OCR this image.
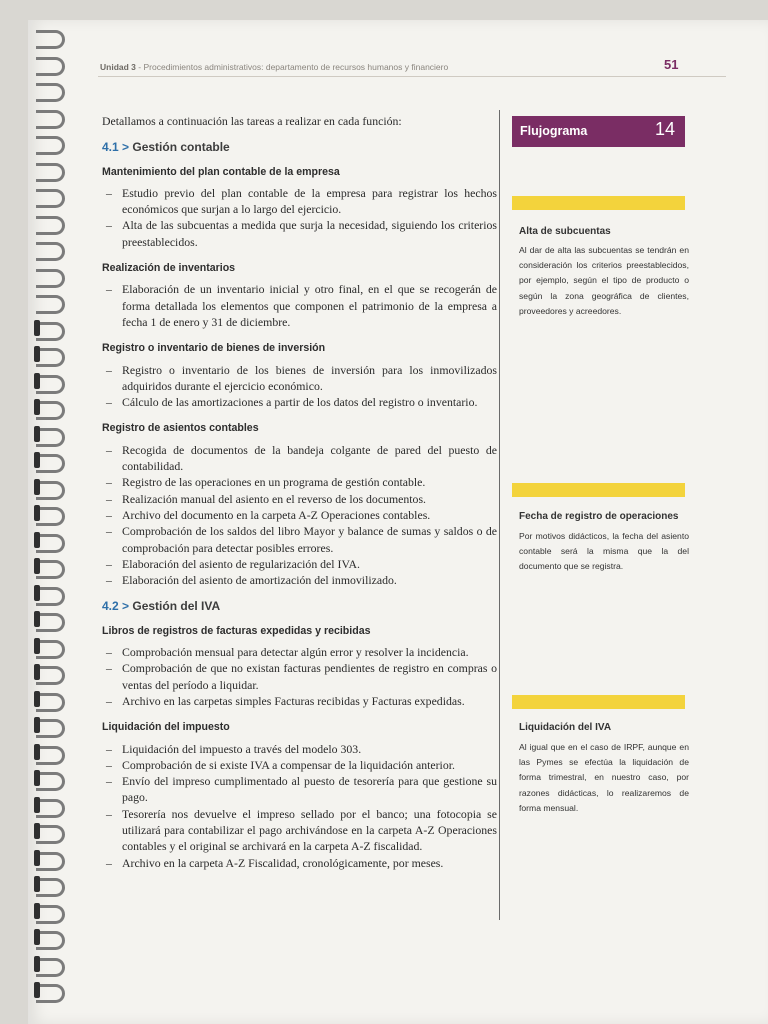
Unidad 3 - Procedimientos administrativos: departamento de recursos humanos y financiero	51

Detallamos a continuación las tareas a realizar en cada función:

4.1 > Gestión contable
Mantenimiento del plan contable de la empresa
– Estudio previo del plan contable de la empresa para registrar los hechos económicos que surjan a lo largo del ejercicio.
– Alta de las subcuentas a medida que surja la necesidad, siguiendo los criterios preestablecidos.
Realización de inventarios
– Elaboración de un inventario inicial y otro final, en el que se recogerán de forma detallada los elementos que componen el patrimonio de la empresa a fecha 1 de enero y 31 de diciembre.
Registro o inventario de bienes de inversión
– Registro o inventario de los bienes de inversión para los inmovilizados adquiridos durante el ejercicio económico.
– Cálculo de las amortizaciones a partir de los datos del registro o inventario.
Registro de asientos contables
– Recogida de documentos de la bandeja colgante de pared del puesto de contabilidad.
– Registro de las operaciones en un programa de gestión contable.
– Realización manual del asiento en el reverso de los documentos.
– Archivo del documento en la carpeta A-Z Operaciones contables.
– Comprobación de los saldos del libro Mayor y balance de sumas y saldos o de comprobación para detectar posibles errores.
– Elaboración del asiento de regularización del IVA.
– Elaboración del asiento de amortización del inmovilizado.
4.2 > Gestión del IVA
Libros de registros de facturas expedidas y recibidas
– Comprobación mensual para detectar algún error y resolver la incidencia.
– Comprobación de que no existan facturas pendientes de registro en compras o ventas del período a liquidar.
– Archivo en las carpetas simples Facturas recibidas y Facturas expedidas.
Liquidación del impuesto
– Liquidación del impuesto a través del modelo 303.
– Comprobación de si existe IVA a compensar de la liquidación anterior.
– Envío del impreso cumplimentado al puesto de tesorería para que gestione su pago.
– Tesorería nos devuelve el impreso sellado por el banco; una fotocopia se utilizará para contabilizar el pago archivándose en la carpeta A-Z Operaciones contables y el original se archivará en la carpeta A-Z fiscalidad.
– Archivo en la carpeta A-Z Fiscalidad, cronológicamente, por meses.
Flujograma	14
Alta de subcuentas
Al dar de alta las subcuentas se tendrán en consideración los criterios preestablecidos, por ejemplo, según el tipo de producto o según la zona geográfica de clientes, proveedores y acreedores.
Fecha de registro de operaciones
Por motivos didácticos, la fecha del asiento contable será la misma que la del documento que se registra.
Liquidación del IVA
Al igual que en el caso de IRPF, aunque en las Pymes se efectúa la liquidación de forma trimestral, en nuestro caso, por razones didácticas, lo realizaremos de forma mensual.
